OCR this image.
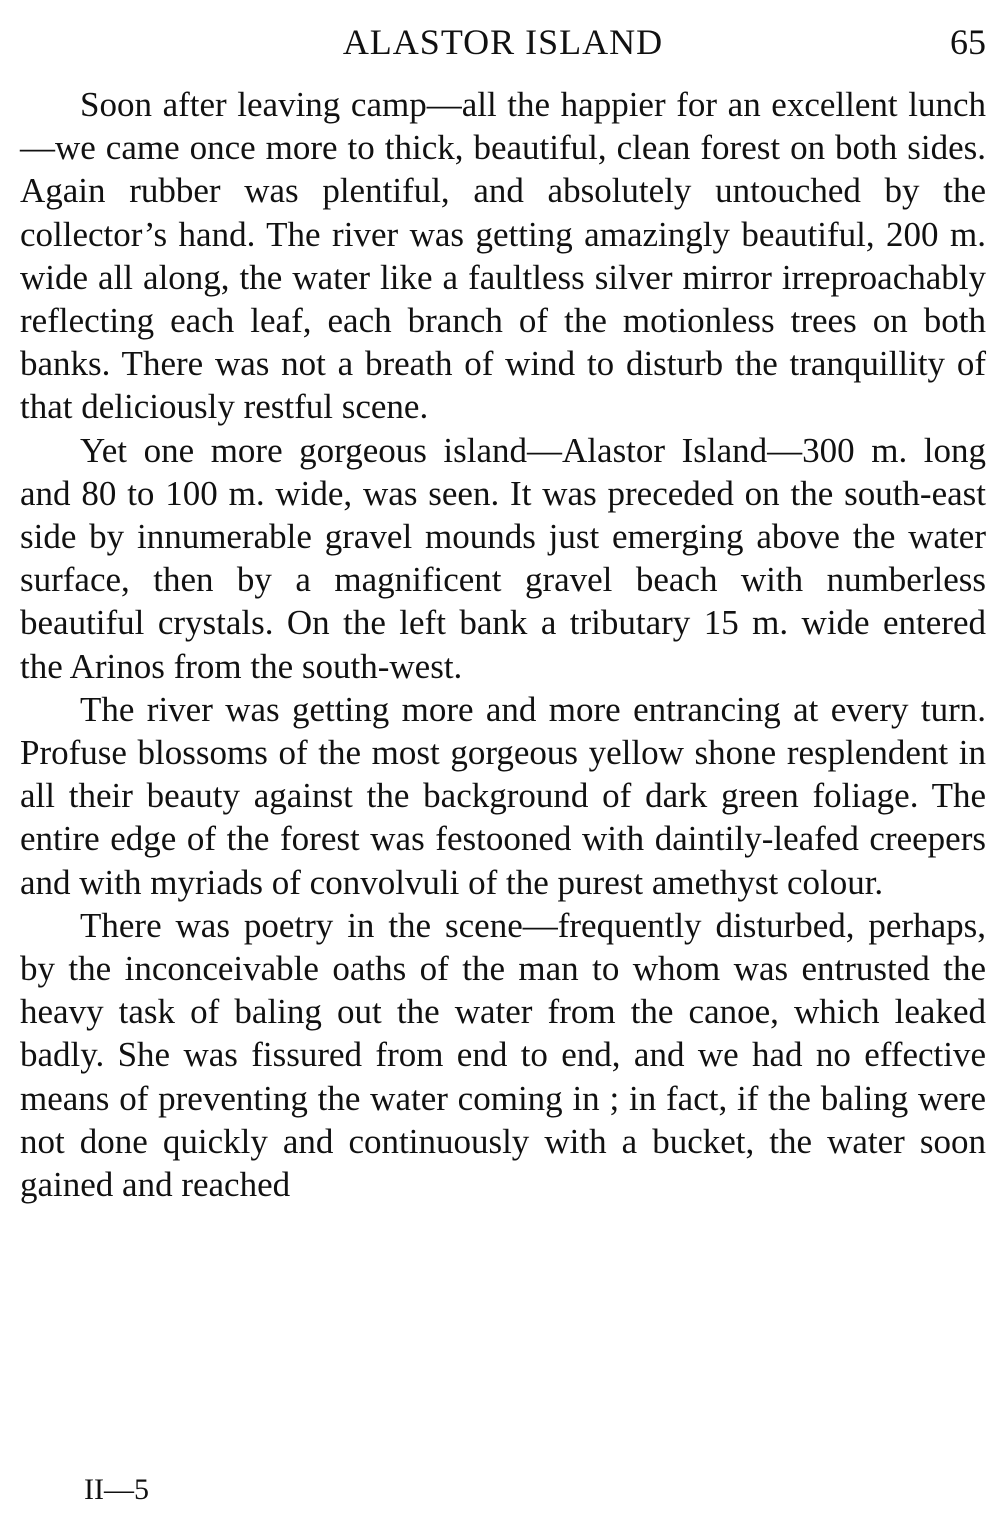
ALASTOR ISLAND	65

Soon after leaving camp—all the happier for an excellent lunch—we came once more to thick, beautiful, clean forest on both sides. Again rubber was plentiful, and absolutely untouched by the collector’s hand. The river was getting amazingly beautiful, 200 m. wide all along, the water like a faultless silver mirror irreproachably reflecting each leaf, each branch of the motionless trees on both banks. There was not a breath of wind to disturb the tranquillity of that deliciously restful scene.

Yet one more gorgeous island—Alastor Island—300 m. long and 80 to 100 m. wide, was seen. It was preceded on the south-east side by innumerable gravel mounds just emerging above the water surface, then by a magnificent gravel beach with numberless beautiful crystals. On the left bank a tributary 15 m. wide entered the Arinos from the south-west.

The river was getting more and more entrancing at every turn. Profuse blossoms of the most gorgeous yellow shone resplendent in all their beauty against the background of dark green foliage. The entire edge of the forest was festooned with daintily-leafed creepers and with myriads of convolvuli of the purest amethyst colour.

There was poetry in the scene—frequently disturbed, perhaps, by the inconceivable oaths of the man to whom was entrusted the heavy task of baling out the water from the canoe, which leaked badly. She was fissured from end to end, and we had no effective means of preventing the water coming in ; in fact, if the baling were not done quickly and continuously with a bucket, the water soon gained and reached

II—5
